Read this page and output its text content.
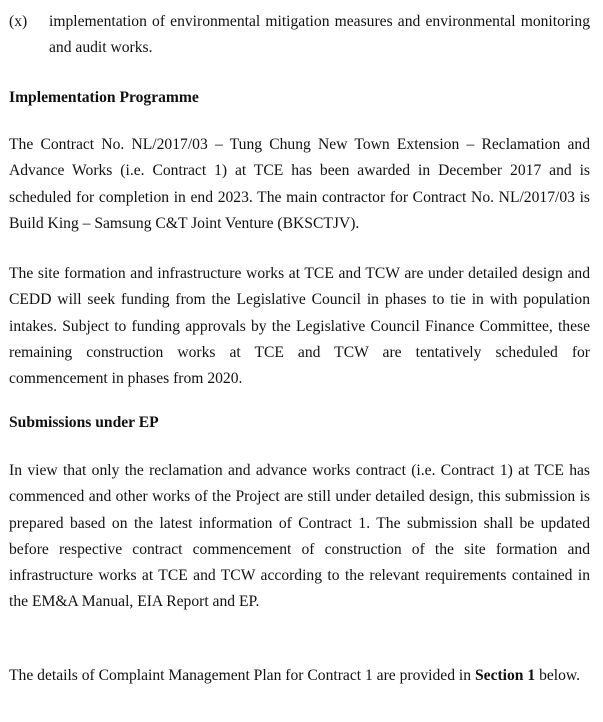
(x)	implementation of environmental mitigation measures and environmental monitoring and audit works.
Implementation Programme
The Contract No. NL/2017/03 – Tung Chung New Town Extension – Reclamation and Advance Works (i.e. Contract 1) at TCE has been awarded in December 2017 and is scheduled for completion in end 2023. The main contractor for Contract No. NL/2017/03 is Build King – Samsung C&T Joint Venture (BKSCTJV).
The site formation and infrastructure works at TCE and TCW are under detailed design and CEDD will seek funding from the Legislative Council in phases to tie in with population intakes. Subject to funding approvals by the Legislative Council Finance Committee, these remaining construction works at TCE and TCW are tentatively scheduled for commencement in phases from 2020.
Submissions under EP
In view that only the reclamation and advance works contract (i.e. Contract 1) at TCE has commenced and other works of the Project are still under detailed design, this submission is prepared based on the latest information of Contract 1. The submission shall be updated before respective contract commencement of construction of the site formation and infrastructure works at TCE and TCW according to the relevant requirements contained in the EM&A Manual, EIA Report and EP.
The details of Complaint Management Plan for Contract 1 are provided in Section 1 below.
